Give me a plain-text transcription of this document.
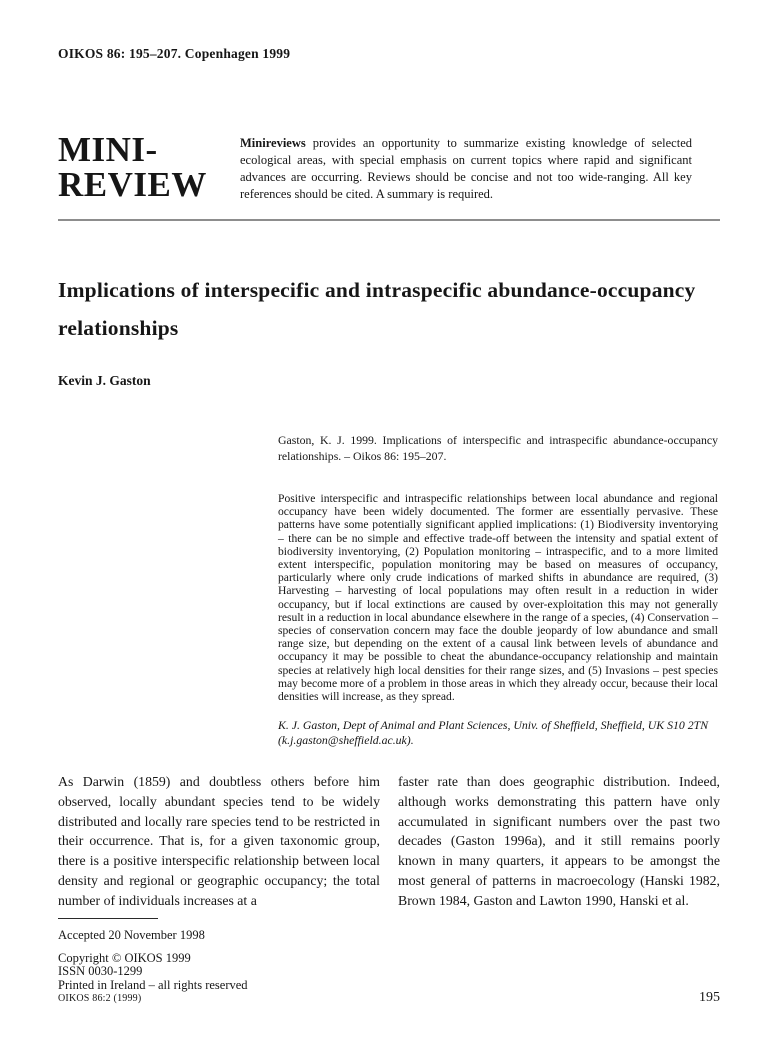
OIKOS 86: 195–207. Copenhagen 1999
MINI-
REVIEW

Minireviews provides an opportunity to summarize existing knowledge of selected ecological areas, with special emphasis on current topics where rapid and significant advances are occurring. Reviews should be concise and not too wide-ranging. All key references should be cited. A summary is required.

Implications of interspecific and intraspecific abundance-occupancy relationships
Kevin J. Gaston

Gaston, K. J. 1999. Implications of interspecific and intraspecific abundance-occupancy relationships. – Oikos 86: 195–207.

Positive interspecific and intraspecific relationships between local abundance and regional occupancy have been widely documented. The former are essentially pervasive. These patterns have some potentially significant applied implications: (1) Biodiversity inventorying – there can be no simple and effective trade-off between the intensity and spatial extent of biodiversity inventorying, (2) Population monitoring – intraspecific, and to a more limited extent interspecific, population monitoring may be based on measures of occupancy, particularly where only crude indications of marked shifts in abundance are required, (3) Harvesting – harvesting of local populations may often result in a reduction in wider occupancy, but if local extinctions are caused by over-exploitation this may not generally result in a reduction in local abundance elsewhere in the range of a species, (4) Conservation – species of conservation concern may face the double jeopardy of low abundance and small range size, but depending on the extent of a causal link between levels of abundance and occupancy it may be possible to cheat the abundance-occupancy relationship and maintain species at relatively high local densities for their range sizes, and (5) Invasions – pest species may become more of a problem in those areas in which they already occur, because their local densities will increase, as they spread.

K. J. Gaston, Dept of Animal and Plant Sciences, Univ. of Sheffield, Sheffield, UK S10 2TN (k.j.gaston@sheffield.ac.uk).

As Darwin (1859) and doubtless others before him observed, locally abundant species tend to be widely distributed and locally rare species tend to be restricted in their occurrence. That is, for a given taxonomic group, there is a positive interspecific relationship between local density and regional or geographic occupancy; the total number of individuals increases at a

faster rate than does geographic distribution. Indeed, although works demonstrating this pattern have only accumulated in significant numbers over the past two decades (Gaston 1996a), and it still remains poorly known in many quarters, it appears to be amongst the most general of patterns in macroecology (Hanski 1982, Brown 1984, Gaston and Lawton 1990, Hanski et al.

Accepted 20 November 1998
Copyright © OIKOS 1999
ISSN 0030-1299
Printed in Ireland – all rights reserved
OIKOS 86:2 (1999)	195
